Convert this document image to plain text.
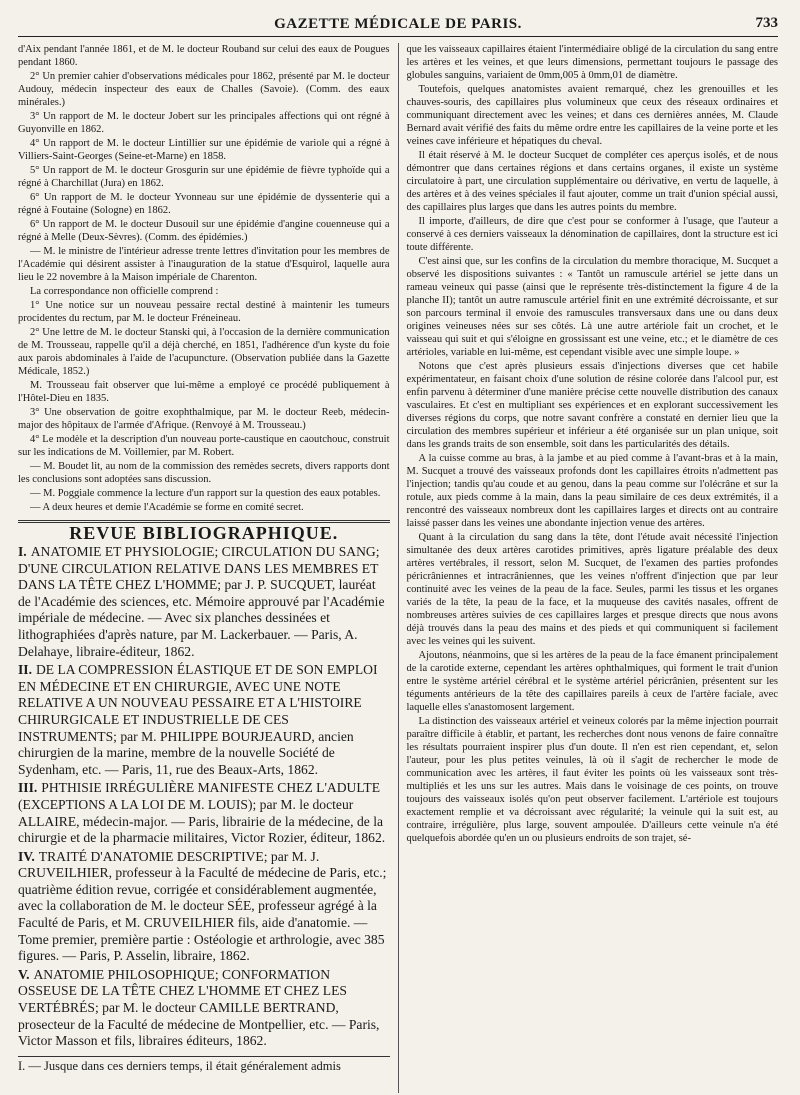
GAZETTE MÉDICALE DE PARIS.	733

d'Aix pendant l'année 1861, et de M. le docteur Rouband sur celui des eaux de Pougues pendant 1860.

2° Un premier cahier d'observations médicales pour 1862, présenté par M. le docteur Audouy, médecin inspecteur des eaux de Challes (Savoie). (Comm. des eaux minérales.)

3° Un rapport de M. le docteur Jobert sur les principales affections qui ont régné à Guyonville en 1862.

4° Un rapport de M. le docteur Lintillier sur une épidémie de variole qui a régné à Villiers-Saint-Georges (Seine-et-Marne) en 1858.

5° Un rapport de M. le docteur Grosgurin sur une épidémie de fièvre typhoïde qui a régné à Charchillat (Jura) en 1862.

6° Un rapport de M. le docteur Yvonneau sur une épidémie de dyssenterie qui a régné à Foutaine (Sologne) en 1862.

6° Un rapport de M. le docteur Dusouil sur une épidémie d'angine couenneuse qui a régné à Melle (Deux-Sèvres). (Comm. des épidémies.)

— M. le ministre de l'intérieur adresse trente lettres d'invitation pour les membres de l'Académie qui désirent assister à l'inauguration de la statue d'Esquirol, laquelle aura lieu le 22 novembre à la Maison impériale de Charenton.

La correspondance non officielle comprend :

1° Une notice sur un nouveau pessaire rectal destiné à maintenir les tumeurs procidentes du rectum, par M. le docteur Fréneineau.

2° Une lettre de M. le docteur Stanski qui, à l'occasion de la dernière communication de M. Trousseau, rappelle qu'il a déjà cherché, en 1851, l'adhérence d'un kyste du foie aux parois abdominales à l'aide de l'acupuncture. (Observation publiée dans la Gazette Médicale, 1852.)

M. Trousseau fait observer que lui-même a employé ce procédé publiquement à l'Hôtel-Dieu en 1835.

3° Une observation de goitre exophthalmique, par M. le docteur Reeb, médecin-major des hôpitaux de l'armée d'Afrique. (Renvoyé à M. Trousseau.)

4° Le modèle et la description d'un nouveau porte-caustique en caoutchouc, construit sur les indications de M. Voillemier, par M. Robert.

— M. Boudet lit, au nom de la commission des remèdes secrets, divers rapports dont les conclusions sont adoptées sans discussion.

— M. Poggiale commence la lecture d'un rapport sur la question des eaux potables.

— A deux heures et demie l'Académie se forme en comité secret.

REVUE BIBLIOGRAPHIQUE.
I. ANATOMIE ET PHYSIOLOGIE; CIRCULATION DU SANG; D'UNE CIRCULATION RELATIVE DANS LES MEMBRES ET DANS LA TÊTE CHEZ L'HOMME; par J. P. SUCQUET, lauréat de l'Académie des sciences, etc. Mémoire approuvé par l'Académie impériale de médecine. — Avec six planches dessinées et lithographiées d'après nature, par M. Lackerbauer. — Paris, A. Delahaye, libraire-éditeur, 1862.
II. DE LA COMPRESSION ÉLASTIQUE ET DE SON EMPLOI EN MÉDECINE ET EN CHIRURGIE, AVEC UNE NOTE RELATIVE A UN NOUVEAU PESSAIRE ET A L'HISTOIRE CHIRURGICALE ET INDUSTRIELLE DE CES INSTRUMENTS; par M. PHILIPPE BOURJEAURD, ancien chirurgien de la marine, membre de la nouvelle Société de Sydenham, etc. — Paris, 11, rue des Beaux-Arts, 1862.
III. PHTHISIE IRRÉGULIÈRE MANIFESTE CHEZ L'ADULTE (EXCEPTIONS A LA LOI DE M. LOUIS); par M. le docteur ALLAIRE, médecin-major. — Paris, librairie de la médecine, de la chirurgie et de la pharmacie militaires, Victor Rozier, éditeur, 1862.
IV. TRAITÉ D'ANATOMIE DESCRIPTIVE; par M. J. CRUVEILHIER, professeur à la Faculté de médecine de Paris, etc.; quatrième édition revue, corrigée et considérablement augmentée, avec la collaboration de M. le docteur SÉE, professeur agrégé à la Faculté de Paris, et M. CRUVEILHIER fils, aide d'anatomie. — Tome premier, première partie : Ostéologie et arthrologie, avec 385 figures. — Paris, P. Asselin, libraire, 1862.
V. ANATOMIE PHILOSOPHIQUE; CONFORMATION OSSEUSE DE LA TÊTE CHEZ L'HOMME ET CHEZ LES VERTÉBRÉS; par M. le docteur CAMILLE BERTRAND, prosecteur de la Faculté de médecine de Montpellier, etc. — Paris, Victor Masson et fils, libraires éditeurs, 1862.

I. — Jusque dans ces derniers temps, il était généralement admis

que les vaisseaux capillaires étaient l'intermédiaire obligé de la circulation du sang entre les artères et les veines, et que leurs dimensions, permettant toujours le passage des globules sanguins, variaient de 0mm,005 à 0mm,01 de diamètre.

Toutefois, quelques anatomistes avaient remarqué, chez les grenouilles et les chauves-souris, des capillaires plus volumineux que ceux des réseaux ordinaires et communiquant directement avec les veines; et dans ces dernières années, M. Claude Bernard avait vérifié des faits du même ordre entre les capillaires de la veine porte et les veines cave inférieure et hépatiques du cheval.

Il était réservé à M. le docteur Sucquet de compléter ces aperçus isolés, et de nous démontrer que dans certaines régions et dans certains organes, il existe un système circulatoire à part, une circulation supplémentaire ou dérivative, en vertu de laquelle, à des artères et à des veines spéciales il faut ajouter, comme un trait d'union spécial aussi, des capillaires plus larges que dans les autres points du membre.

Il importe, d'ailleurs, de dire que c'est pour se conformer à l'usage, que l'auteur a conservé à ces derniers vaisseaux la dénomination de capillaires, dont la structure est ici toute différente.

C'est ainsi que, sur les confins de la circulation du membre thoracique, M. Sucquet a observé les dispositions suivantes : « Tantôt un ramuscule artériel se jette dans un rameau veineux qui passe (ainsi que le représente très-distinctement la figure 4 de la planche II); tantôt un autre ramuscule artériel finit en une extrémité décroissante, et sur son parcours terminal il envoie des ramuscules transversaux dans une ou dans deux origines veineuses nées sur ses côtés. Là une autre artériole fait un crochet, et le vaisseau qui suit et qui s'éloigne en grossissant est une veine, etc.; et le diamètre de ces artérioles, variable en lui-même, est cependant visible avec une simple loupe. »

Notons que c'est après plusieurs essais d'injections diverses que cet habile expérimentateur, en faisant choix d'une solution de résine colorée dans l'alcool pur, est enfin parvenu à déterminer d'une manière précise cette nouvelle distribution des canaux vasculaires. Et c'est en multipliant ses expériences et en explorant successivement les diverses régions du corps, que notre savant confrère a constaté en dernier lieu que la circulation des membres supérieur et inférieur a été organisée sur un plan unique, soit dans les grands traits de son ensemble, soit dans les particularités des détails.

A la cuisse comme au bras, à la jambe et au pied comme à l'avant-bras et à la main, M. Sucquet a trouvé des vaisseaux profonds dont les capillaires étroits n'admettent pas l'injection; tandis qu'au coude et au genou, dans la peau comme sur l'olécrâne et sur la rotule, aux pieds comme à la main, dans la peau similaire de ces deux extrémités, il a rencontré des vaisseaux nombreux dont les capillaires larges et directs ont au contraire laissé passer dans les veines une abondante injection venue des artères.

Quant à la circulation du sang dans la tête, dont l'étude avait nécessité l'injection simultanée des deux artères carotides primitives, après ligature préalable des deux artères vertébrales, il ressort, selon M. Sucquet, de l'examen des parties profondes péricrâniennes et intracrâniennes, que les veines n'offrent d'injection que par leur continuité avec les veines de la peau de la face. Seules, parmi les tissus et les organes variés de la tête, la peau de la face, et la muqueuse des cavités nasales, offrent de nombreuses artères suivies de ces capillaires larges et presque directs que nous avons déjà trouvés dans la peau des mains et des pieds et qui communiquent si facilement avec les veines qui les suivent.

Ajoutons, néanmoins, que si les artères de la peau de la face émanent principalement de la carotide externe, cependant les artères ophthalmiques, qui forment le trait d'union entre le système artériel cérébral et le système artériel péricrânien, présentent sur les téguments antérieurs de la tête des capillaires pareils à ceux de l'artère faciale, avec laquelle elles s'anastomosent largement.

La distinction des vaisseaux artériel et veineux colorés par la même injection pourrait paraître difficile à établir, et partant, les recherches dont nous venons de faire connaître les résultats pourraient inspirer plus d'un doute. Il n'en est rien cependant, et, selon l'auteur, pour les plus petites veinules, là où il s'agit de rechercher le mode de communication avec les artères, il faut éviter les points où les vaisseaux sont très-multipliés et les uns sur les autres. Mais dans le voisinage de ces points, on trouve toujours des vaisseaux isolés qu'on peut observer facilement. L'artériole est toujours exactement remplie et va décroissant avec régularité; la veinule qui la suit est, au contraire, irrégulière, plus large, souvent ampoulée. D'ailleurs cette veinule n'a été quelquefois abordée qu'en un ou plusieurs endroits de son trajet, sé-
